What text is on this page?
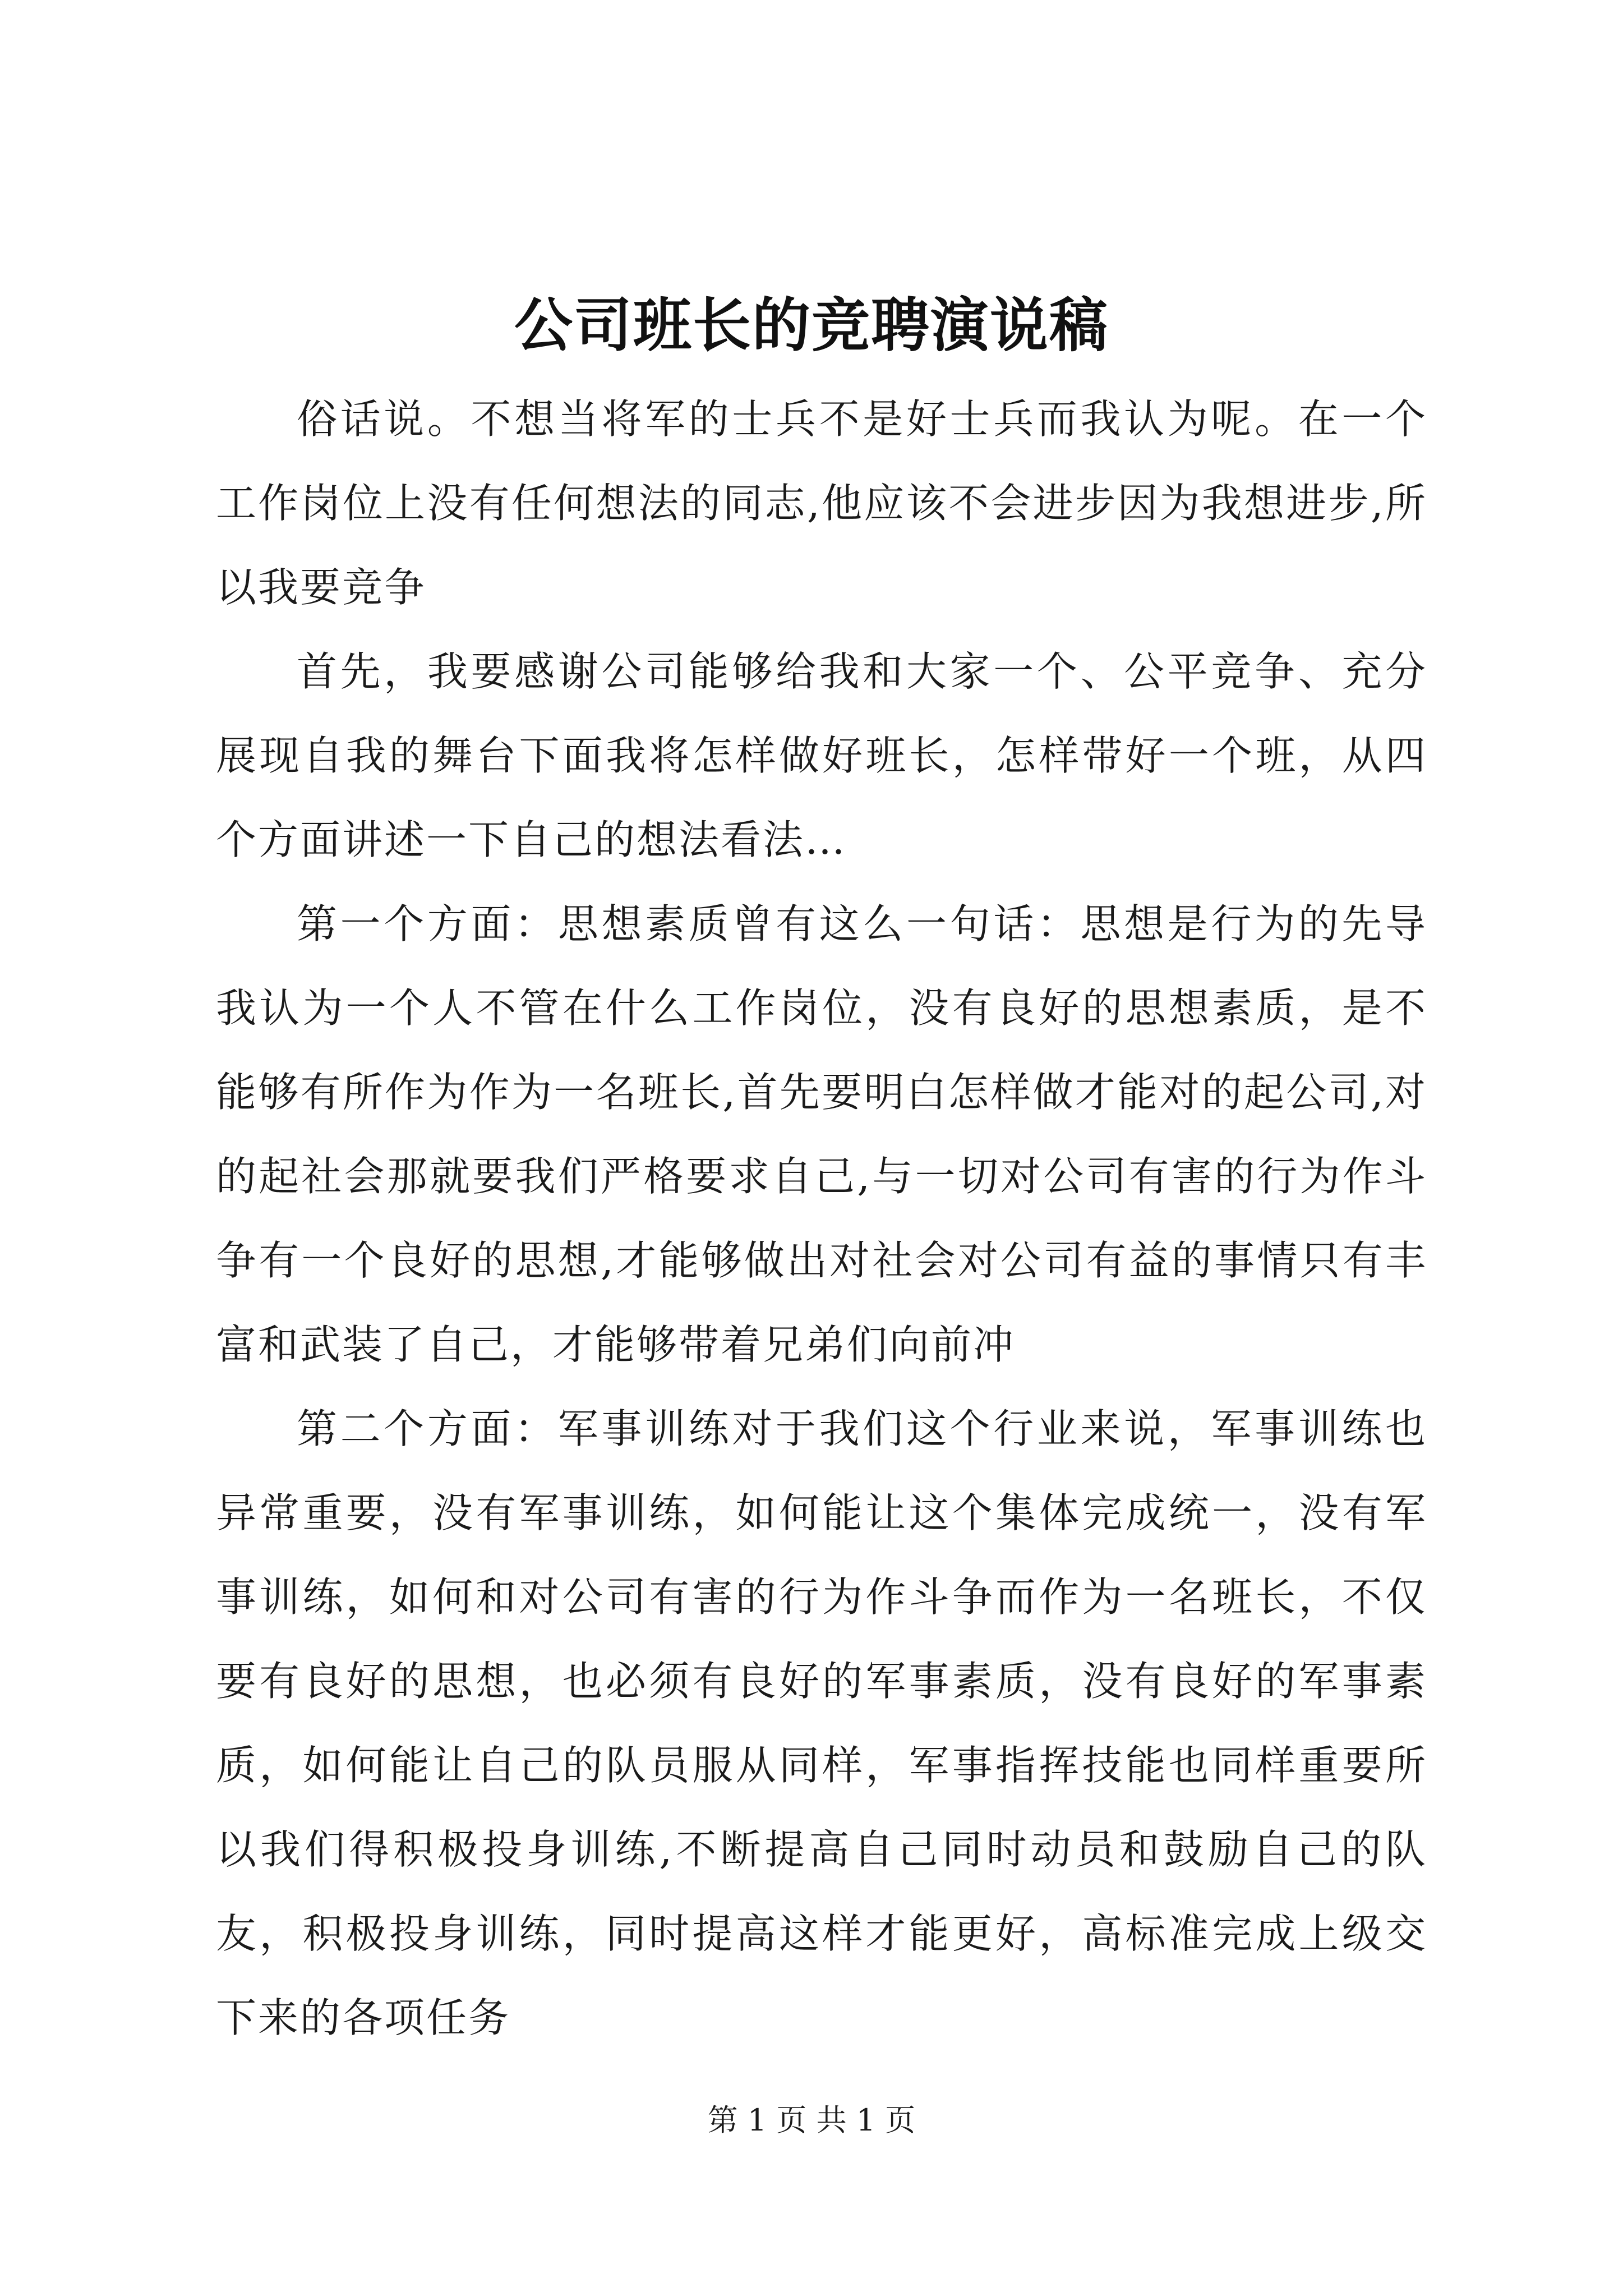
公司班长的竞聘演说稿

俗话说。不想当将军的士兵不是好士兵而我认为呢。在一个工作岗位上没有任何想法的同志,他应该不会进步因为我想进步,所以我要竞争

首先，我要感谢公司能够给我和大家一个、公平竞争、充分展现自我的舞台下面我将怎样做好班长，怎样带好一个班，从四个方面讲述一下自己的想法看法…

第一个方面：思想素质曾有这么一句话：思想是行为的先导我认为一个人不管在什么工作岗位，没有良好的思想素质，是不能够有所作为作为一名班长,首先要明白怎样做才能对的起公司,对的起社会那就要我们严格要求自己,与一切对公司有害的行为作斗争有一个良好的思想,才能够做出对社会对公司有益的事情只有丰富和武装了自己，才能够带着兄弟们向前冲

第二个方面：军事训练对于我们这个行业来说，军事训练也异常重要，没有军事训练，如何能让这个集体完成统一，没有军事训练，如何和对公司有害的行为作斗争而作为一名班长，不仅要有良好的思想，也必须有良好的军事素质，没有良好的军事素质，如何能让自己的队员服从同样，军事指挥技能也同样重要所以我们得积极投身训练,不断提高自己同时动员和鼓励自己的队友，积极投身训练，同时提高这样才能更好，高标准完成上级交下来的各项任务

第 1 页 共 1 页
